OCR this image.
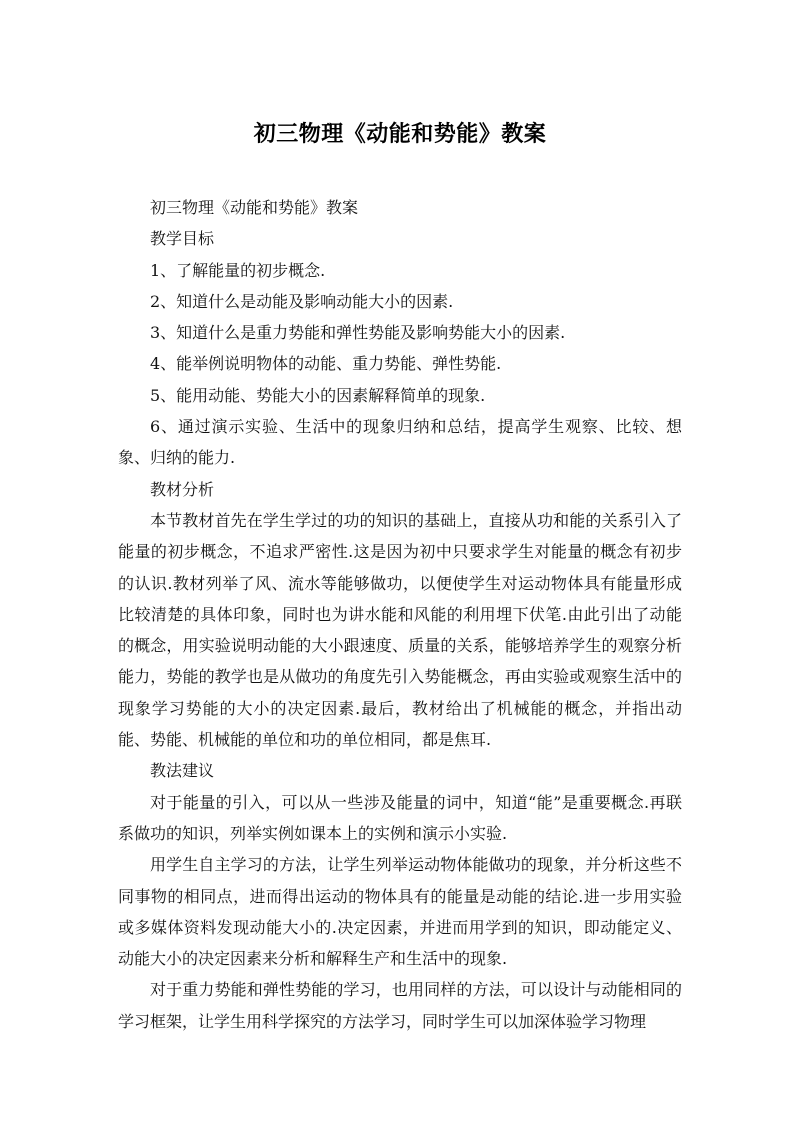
初三物理《动能和势能》教案

初三物理《动能和势能》教案

教学目标

1、了解能量的初步概念.

2、知道什么是动能及影响动能大小的因素.

3、知道什么是重力势能和弹性势能及影响势能大小的因素.

4、能举例说明物体的动能、重力势能、弹性势能.

5、能用动能、势能大小的因素解释简单的现象.

6、通过演示实验、生活中的现象归纳和总结，提高学生观察、比较、想象、归纳的能力.

教材分析

本节教材首先在学生学过的功的知识的基础上，直接从功和能的关系引入了能量的初步概念，不追求严密性.这是因为初中只要求学生对能量的概念有初步的认识.教材列举了风、流水等能够做功，以便使学生对运动物体具有能量形成比较清楚的具体印象，同时也为讲水能和风能的利用埋下伏笔.由此引出了动能的概念，用实验说明动能的大小跟速度、质量的关系，能够培养学生的观察分析能力，势能的教学也是从做功的角度先引入势能概念，再由实验或观察生活中的现象学习势能的大小的决定因素.最后，教材给出了机械能的概念，并指出动能、势能、机械能的单位和功的单位相同，都是焦耳.

教法建议

对于能量的引入，可以从一些涉及能量的词中，知道“能”是重要概念.再联系做功的知识，列举实例如课本上的实例和演示小实验.

用学生自主学习的方法，让学生列举运动物体能做功的现象，并分析这些不同事物的相同点，进而得出运动的物体具有的能量是动能的结论.进一步用实验或多媒体资料发现动能大小的.决定因素，并进而用学到的知识，即动能定义、动能大小的决定因素来分析和解释生产和生活中的现象.

对于重力势能和弹性势能的学习，也用同样的方法，可以设计与动能相同的学习框架，让学生用科学探究的方法学习，同时学生可以加深体验学习物理
